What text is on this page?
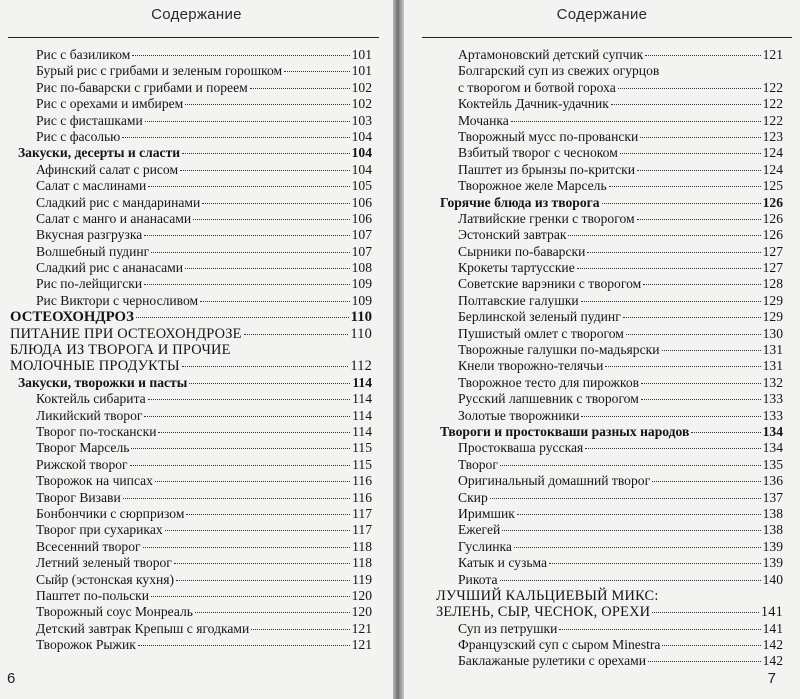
Содержание
Рис с базиликом	101
Бурый рис с грибами и зеленым горошком	101
Рис по-баварски с грибами и пореем	102
Рис с орехами и имбирем	102
Рис с фисташками	103
Рис с фасолью	104
Закуски, десерты и сласти	104
Афинский салат с рисом	104
Салат с маслинами	105
Сладкий рис с мандаринами	106
Салат с манго и ананасами	106
Вкусная разгрузка	107
Волшебный пудинг	107
Сладкий рис с ананасами	108
Рис по-лейщигски	109
Рис Виктори с черносливом	109
ОСТЕОХОНДРОЗ	110
ПИТАНИЕ ПРИ ОСТЕОХОНДРОЗЕ	110
БЛЮДА ИЗ ТВОРОГА И ПРОЧИЕ
МОЛОЧНЫЕ ПРОДУКТЫ	112
Закуски, творожки и пасты	114
Коктейль сибарита	114
Ликийский творог	114
Творог по-тоскански	114
Творог Марсель	115
Рижской творог	115
Творожок на чипсах	116
Творог Визави	116
Бонбончики с сюрпризом	117
Творог при сухариках	117
Всесенний творог	118
Летний зеленый творог	118
Сыйр (эстонская кухня)	119
Паштет по-польски	120
Творожный соус Монреаль	120
Детский завтрак Крепыш с ягодками	121
Творожок Рыжик	121
6
Содержание
Артамоновский детский супчик	121
Болгарский суп из свежих огурцов
с творогом и ботвой гороха	122
Коктейль Дачник-удачник	122
Мочанка	122
Творожный мусс по-провански	123
Взбитый творог с чесноком	124
Паштет из брынзы по-критски	124
Творожное желе Марсель	125
Горячие блюда из творога	126
Латвийские гренки с творогом	126
Эстонский завтрак	126
Сырники по-баварски	127
Крокеты тартусские	127
Советские варэники с творогом	128
Полтавские галушки	129
Берлинской зеленый пудинг	129
Пушистый омлет с творогом	130
Творожные галушки по-мадьярски	131
Кнели творожно-телячьи	131
Творожное тесто для пирожков	132
Русский лапшевник с творогом	133
Золотые творожники	133
Твороги и простокваши разных народов	134
Простокваша русская	134
Творог	135
Оригинальный домашний творог	136
Скир	137
Иримшик	138
Ежегей	138
Гуслинка	139
Катык и сузьма	139
Рикота	140
ЛУЧШИЙ КАЛЬЦИЕВЫЙ МИКС:
ЗЕЛЕНЬ, СЫР, ЧЕСНОК, ОРЕХИ	141
Суп из петрушки	141
Французский суп с сыром Minestra	142
Баклажаные рулетики с орехами	142
7
